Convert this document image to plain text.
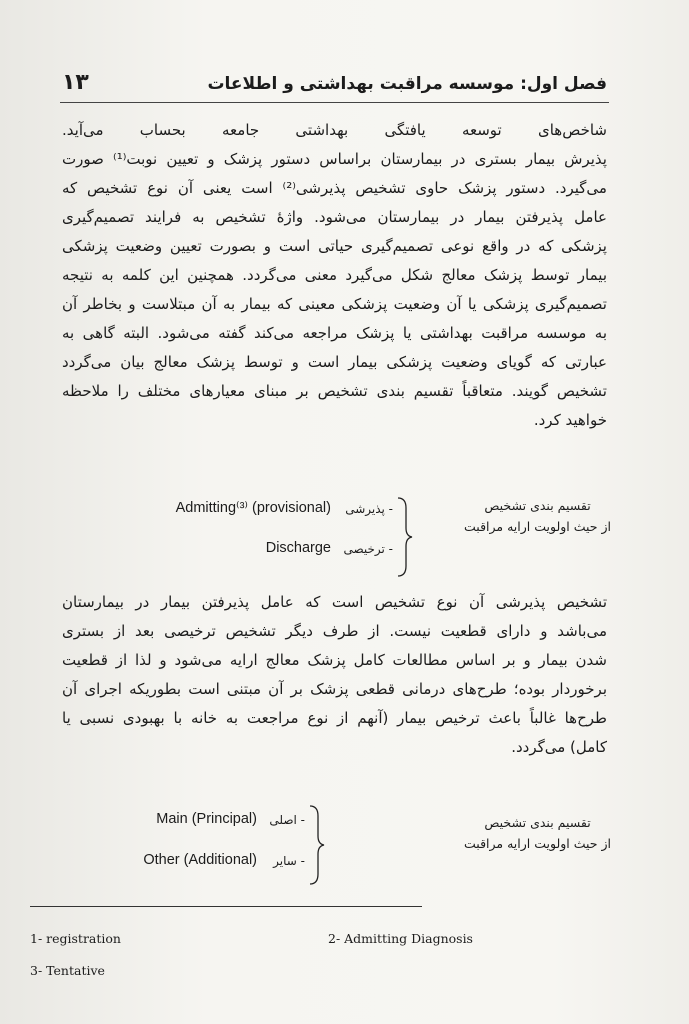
۱۳	فصل اول: موسسه مراقبت بهداشتی و اطلاعات
شاخص‌های توسعه یافتگی بهداشتی جامعه بحساب می‌آید.
پذیرش بیمار بستری در بیمارستان براساس دستور پزشک و تعیین نوبت⁽¹⁾ صورت
می‌گیرد. دستور پزشک حاوی تشخیص پذیرشی⁽²⁾ است یعنی آن نوع تشخیص که
عامل پذیرفتن بیمار در بیمارستان می‌شود. واژهٔ تشخیص به فرایند تصمیم‌گیری
پزشکی که در واقع نوعی تصمیم‌گیری حیاتی است و بصورت تعیین وضعیت پزشکی
بیمار توسط پزشک معالج شکل می‌گیرد معنی می‌گردد. همچنین این کلمه به نتیجه
تصمیم‌گیری پزشکی یا آن وضعیت پزشکی معینی که بیمار به آن مبتلاست و بخاطر آن
به موسسه مراقبت بهداشتی یا پزشک مراجعه می‌کند گفته می‌شود. البته گاهی به
عبارتی که گویای وضعیت پزشکی بیمار است و توسط پزشک معالج بیان می‌گردد
تشخیص گویند. متعاقباً تقسیم بندی تشخیص بر مبنای معیارهای مختلف را ملاحظه
خواهید کرد.
تقسیم بندی تشخیص
از حیث اولویت ارایه مراقبت
Admitting⁽³⁾ (provisional) - پذیرشی
Discharge - ترخیصی
تشخیص پذیرشی آن نوع تشخیص است که عامل پذیرفتن بیمار در بیمارستان
می‌باشد و دارای قطعیت نیست. از طرف دیگر تشخیص ترخیصی بعد از بستری
شدن بیمار و بر اساس مطالعات کامل پزشک معالج ارایه می‌شود و لذا از قطعیت
برخوردار بوده؛ طرح‌های درمانی قطعی پزشک بر آن مبتنی است بطوریکه اجرای آن
طرح‌ها غالباً باعث ترخیص بیمار (آنهم از نوع مراجعت به خانه با بهبودی نسبی یا
کامل) می‌گردد.
تقسیم بندی تشخیص
از حیث اولویت ارایه مراقبت
Main (Principal) - اصلی
Other (Additional) - سایر
1- registration	2- Admitting Diagnosis
3- Tentative
